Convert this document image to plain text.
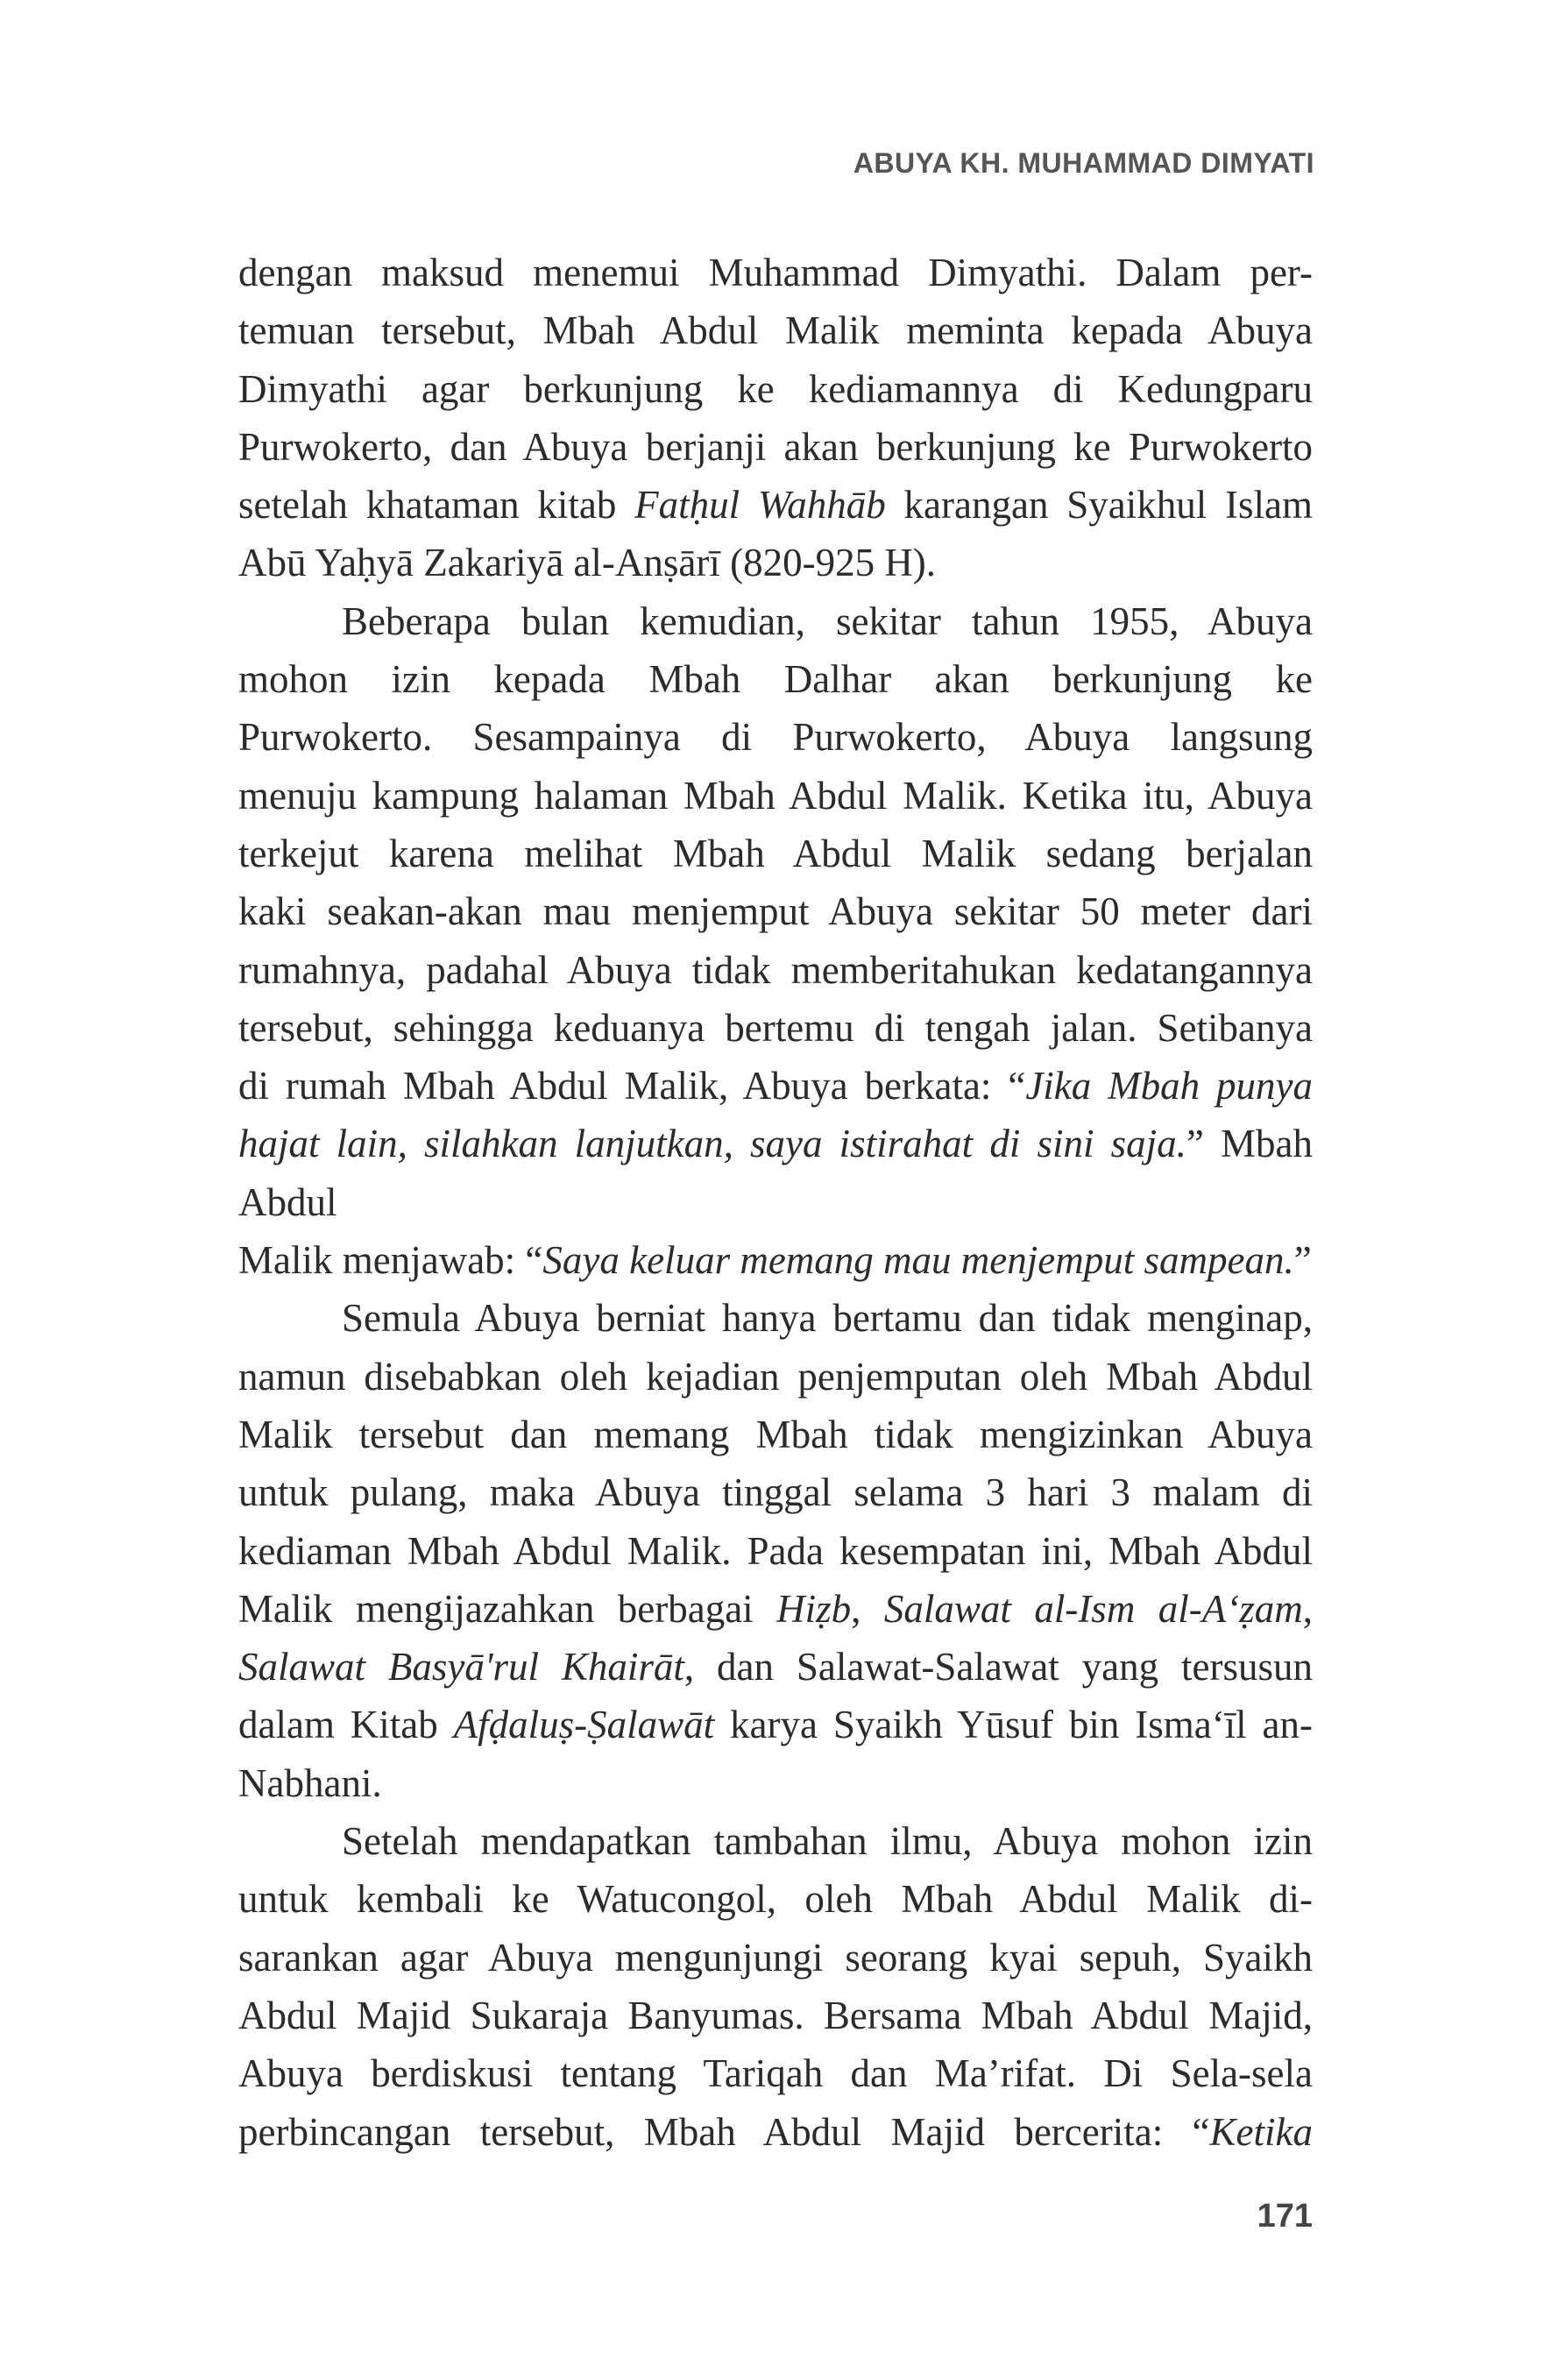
ABUYA KH. MUHAMMAD DIMYATI
dengan maksud menemui Muhammad Dimyathi. Dalam per-
temuan tersebut, Mbah Abdul Malik meminta kepada Abuya
Dimyathi agar berkunjung ke kediamannya di Kedungparu
Purwokerto, dan Abuya berjanji akan berkunjung ke Purwokerto
setelah khataman kitab Fatḥul Wahhāb karangan Syaikhul Islam
Abū Yaḥyā Zakariyā al-Anṣārī (820-925 H).
Beberapa bulan kemudian, sekitar tahun 1955, Abuya
mohon izin kepada Mbah Dalhar akan berkunjung ke
Purwokerto. Sesampainya di Purwokerto, Abuya langsung
menuju kampung halaman Mbah Abdul Malik. Ketika itu, Abuya
terkejut karena melihat Mbah Abdul Malik sedang berjalan
kaki seakan-akan mau menjemput Abuya sekitar 50 meter dari
rumahnya, padahal Abuya tidak memberitahukan kedatangannya
tersebut, sehingga keduanya bertemu di tengah jalan. Setibanya
di rumah Mbah Abdul Malik, Abuya berkata: “Jika Mbah punya
hajat lain, silahkan lanjutkan, saya istirahat di sini saja.” Mbah Abdul
Malik menjawab: “Saya keluar memang mau menjemput sampean.”
Semula Abuya berniat hanya bertamu dan tidak menginap,
namun disebabkan oleh kejadian penjemputan oleh Mbah Abdul
Malik tersebut dan memang Mbah tidak mengizinkan Abuya
untuk pulang, maka Abuya tinggal selama 3 hari 3 malam di
kediaman Mbah Abdul Malik. Pada kesempatan ini, Mbah Abdul
Malik mengijazahkan berbagai Hiẓb, Salawat al-Ism al-A‘ẓam,
Salawat Basyā'rul Khairāt, dan Salawat-Salawat yang tersusun
dalam Kitab Afḍaluṣ-Ṣalawāt karya Syaikh Yūsuf bin Isma‘īl an-
Nabhani.
Setelah mendapatkan tambahan ilmu, Abuya mohon izin
untuk kembali ke Watucongol, oleh Mbah Abdul Malik di-
sarankan agar Abuya mengunjungi seorang kyai sepuh, Syaikh
Abdul Majid Sukaraja Banyumas. Bersama Mbah Abdul Majid,
Abuya berdiskusi tentang Tariqah dan Ma’rifat. Di Sela-sela
perbincangan tersebut, Mbah Abdul Majid bercerita: “Ketika
171
